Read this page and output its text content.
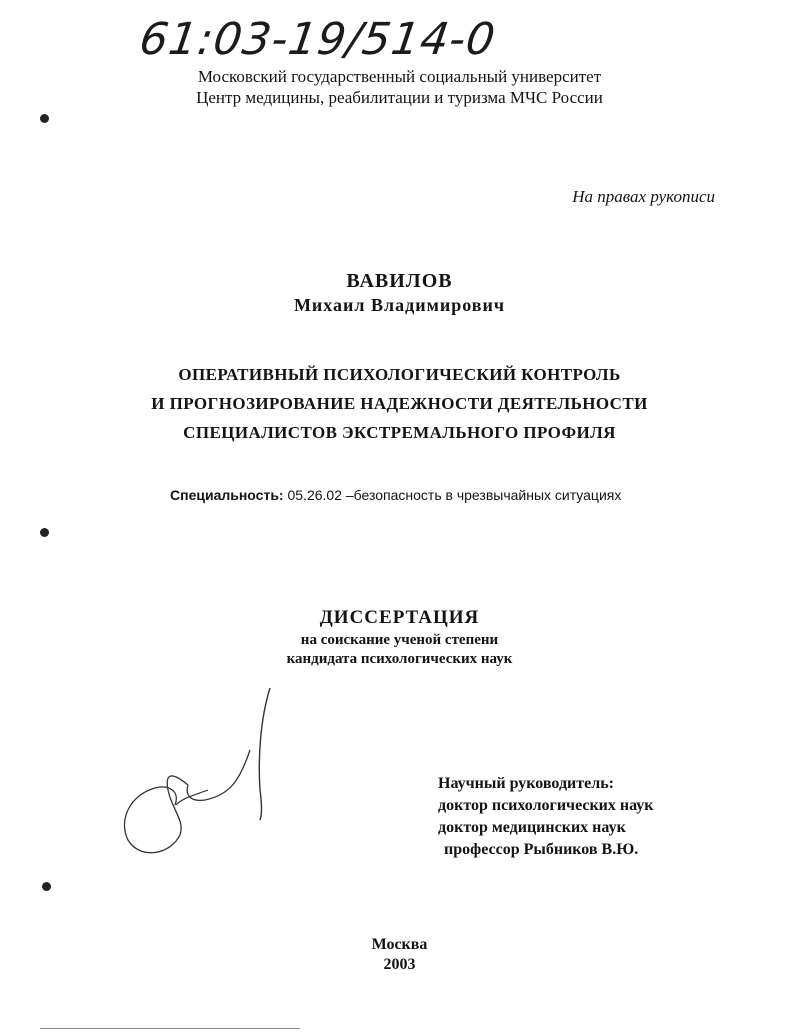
61:03-19/514-0
Московский государственный социальный университет
Центр медицины, реабилитации и туризма МЧС России
На правах рукописи
ВАВИЛОВ
Михаил Владимирович
ОПЕРАТИВНЫЙ ПСИХОЛОГИЧЕСКИЙ КОНТРОЛЬ
И ПРОГНОЗИРОВАНИЕ НАДЕЖНОСТИ ДЕЯТЕЛЬНОСТИ
СПЕЦИАЛИСТОВ ЭКСТРЕМАЛЬНОГО ПРОФИЛЯ
Специальность: 05.26.02 –безопасность в чрезвычайных ситуациях
ДИССЕРТАЦИЯ
на соискание ученой степени
кандидата психологических наук
Научный руководитель:
доктор психологических наук
доктор медицинских наук
профессор Рыбников В.Ю.
Москва
2003
